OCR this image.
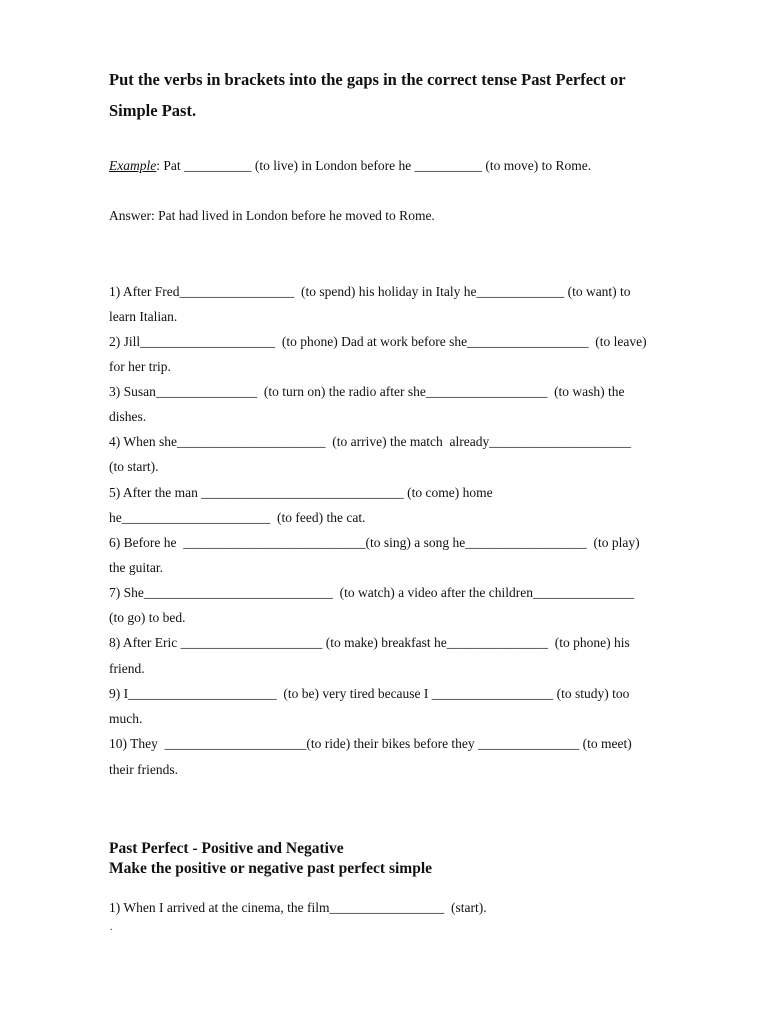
Put the verbs in brackets into the gaps in the correct tense Past Perfect or
Simple Past.
Example: Pat __________ (to live) in London before he __________ (to move) to Rome.
Answer: Pat had lived in London before he moved to Rome.
1) After Fred_________________  (to spend) his holiday in Italy he_____________ (to want) to
learn Italian.
2) Jill____________________  (to phone) Dad at work before she__________________  (to leave)
for her trip.
3) Susan_______________  (to turn on) the radio after she__________________  (to wash) the
dishes.
4) When she______________________  (to arrive) the match  already_____________________
(to start).
5) After the man ______________________________ (to come) home
he______________________  (to feed) the cat.
6) Before he  ___________________________(to sing) a song he__________________  (to play)
the guitar.
7) She____________________________  (to watch) a video after the children_______________
(to go) to bed.
8) After Eric _____________________ (to make) breakfast he_______________  (to phone) his
friend.
9) I______________________  (to be) very tired because I __________________ (to study) too
much.
10) They  _____________________(to ride) their bikes before they _______________ (to meet)
their friends.
Past Perfect - Positive and Negative
Make the positive or negative past perfect simple
1) When I arrived at the cinema, the film_________________  (start).
.
